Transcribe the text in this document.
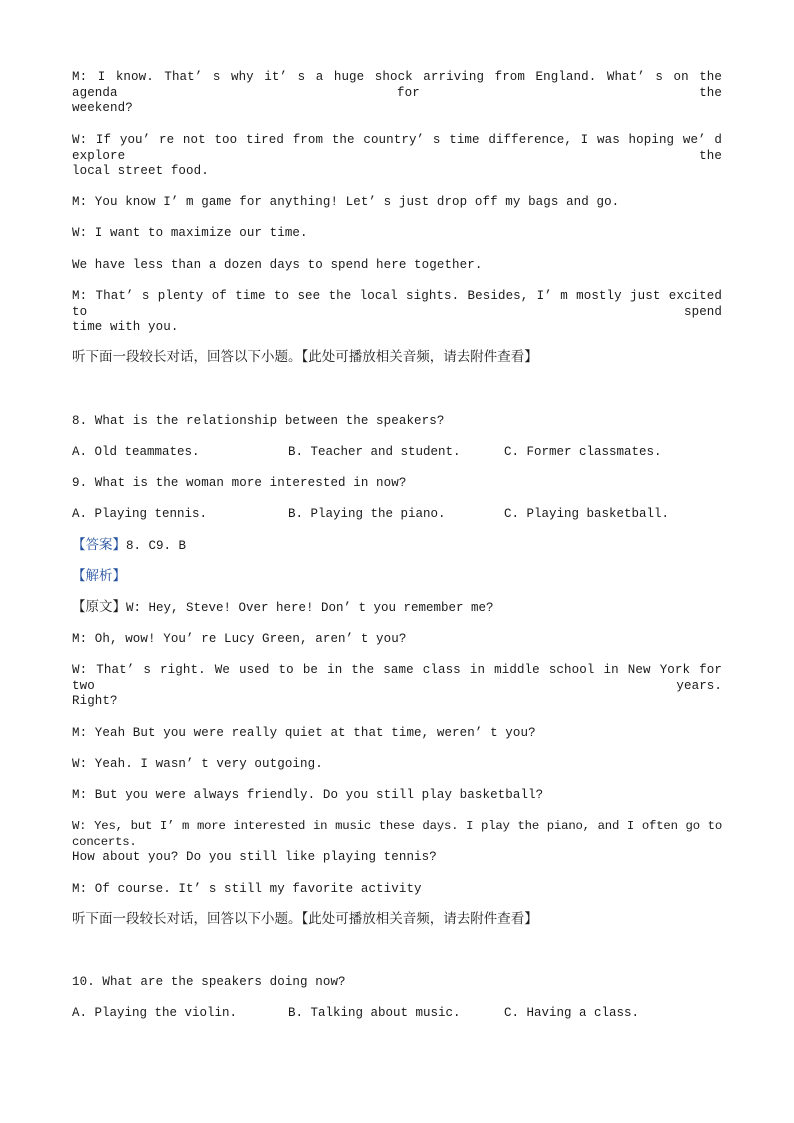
M: I know. That’ s why it’ s a huge shock arriving from England. What’ s on the agenda for the
weekend?
W: If you’ re not too tired from the country’ s time difference, I was hoping we’ d explore the
local street food.
M: You know I’ m game for anything! Let’ s just drop off my bags and go.
W: I want to maximize our time.
We have less than a dozen days to spend here together.
M: That’ s plenty of time to see the local sights. Besides, I’ m mostly just excited to spend
time with you.
听下面一段较长对话，回答以下小题。【此处可播放相关音频，请去附件查看】
8. What is the relationship between the speakers?
A. Old teammates.	B. Teacher and student.	C. Former classmates.
9. What is the woman more interested in now?
A. Playing tennis.	B. Playing the piano.	C. Playing basketball.
【答案】8. C9. B
【解析】
【原文】W: Hey, Steve! Over here! Don’ t you remember me?
M: Oh, wow! You’ re Lucy Green, aren’ t you?
W: That’ s right. We used to be in the same class in middle school in New York for two years.
Right?
M: Yeah But you were really quiet at that time, weren’ t you?
W: Yeah. I wasn’ t very outgoing.
M: But you were always friendly. Do you still play basketball?
W: Yes, but I’ m more interested in music these days. I play the piano, and I often go to concerts.
How about you? Do you still like playing tennis?
M: Of course. It’ s still my favorite activity
听下面一段较长对话，回答以下小题。【此处可播放相关音频，请去附件查看】
10. What are the speakers doing now?
A. Playing the violin.	B. Talking about music.	C. Having a class.
